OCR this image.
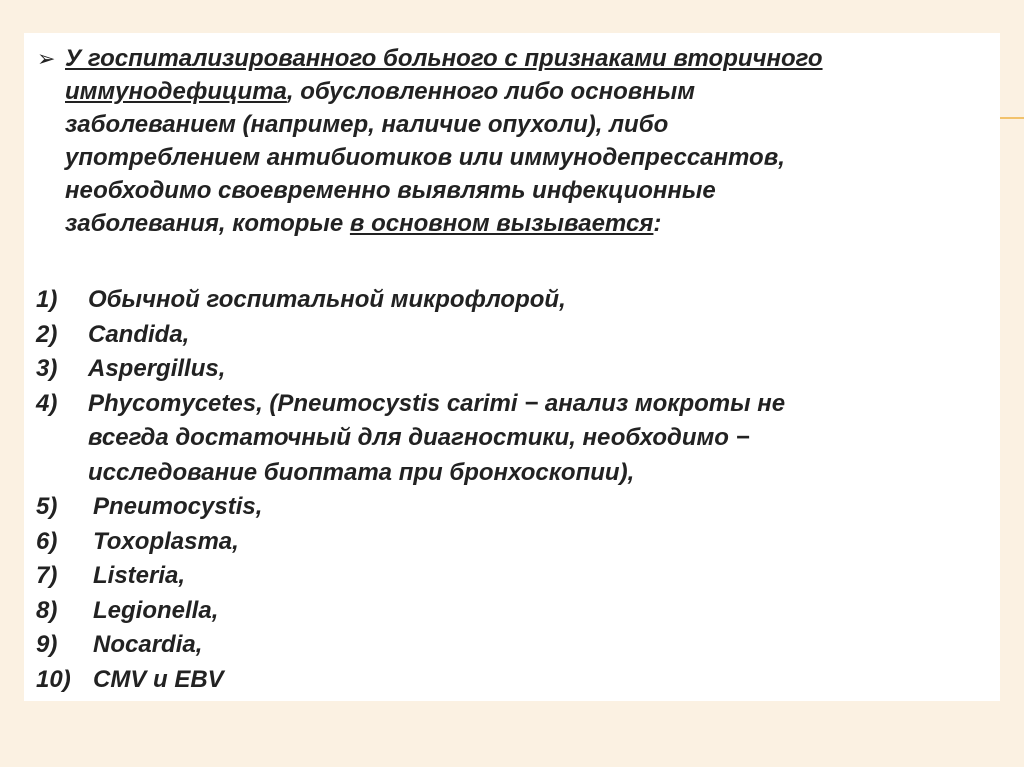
➢ У госпитализированного больного с признаками вторичного
иммунодефицита, обусловленного либо основным
заболеванием (например, наличие опухоли), либо
употреблением антибиотиков или иммунодепрессантов,
необходимо своевременно выявлять инфекционные
заболевания, которые в основном вызывается:
1) Обычной госпитальной микрофлорой,
2) Candida,
3) Aspergillus,
4) Phycomycetes, (Pneumocystis carimi − анализ мокроты не
всегда достаточный для диагностики, необходимо −
исследование биоптата при бронхоскопии),
5) Pneumocystis,
6) Toxoplasma,
7) Listeria,
8) Legionella,
9) Nocardia,
10) CMV и EBV
